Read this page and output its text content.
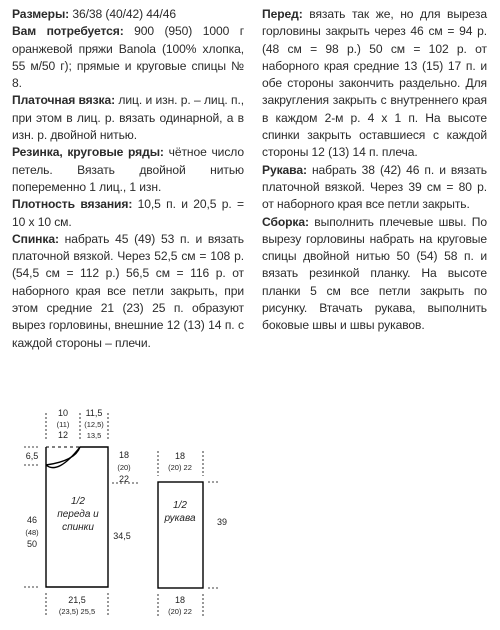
Размеры: 36/38 (40/42) 44/46

Вам потребуется: 900 (950) 1000 г оранжевой пряжи Banola (100% хлопка, 55 м/50 г); прямые и круговые спицы № 8.

Платочная вязка: лиц. и изн. р. – лиц. п., при этом в лиц. р. вязать одинарной, а в изн. р. двойной нитью.

Резинка, круговые ряды: чётное число петель. Вязать двойной нитью попеременно 1 лиц., 1 изн.

Плотность вязания: 10,5 п. и 20,5 р. = 10 х 10 см.

Спинка: набрать 45 (49) 53 п. и вязать платочной вязкой. Через 52,5 см = 108 р. (54,5 см = 112 р.) 56,5 см = 116 р. от наборного края все петли закрыть, при этом средние 21 (23) 25 п. образуют вырез горловины, внешние 12 (13) 14 п. с каждой стороны – плечи.

Перед: вязать так же, но для выреза горловины закрыть через 46 см = 94 р. (48 см = 98 р.) 50 см = 102 р. от наборного края средние 13 (15) 17 п. и обе стороны закончить раздельно. Для закругления закрыть с внутреннего края в каждом 2-м р. 4 х 1 п. На высоте спинки закрыть оставшиеся с каждой стороны 12 (13) 14 п. плеча.

Рукава: набрать 38 (42) 46 п. и вязать платочной вязкой. Через 39 см = 80 р. от наборного края все петли закрыть.

Сборка: выполнить плечевые швы. По вырезу горловины набрать на круговые спицы двойной нитью 50 (54) 58 п. и вязать резинкой планку. На высоте планки 5 см все петли закрыть по рисунку. Втачать рукава, выполнить боковые швы и швы рукавов.

10
(11)
12
11,5
(12,5)
13,5
6,5	18
(20)
22
34,5
46
(48)
50
1/2
переда и
спинки
21,5
(23,5) 25,5
18
(20) 22
1/2
рукава 39
18
(20) 22
